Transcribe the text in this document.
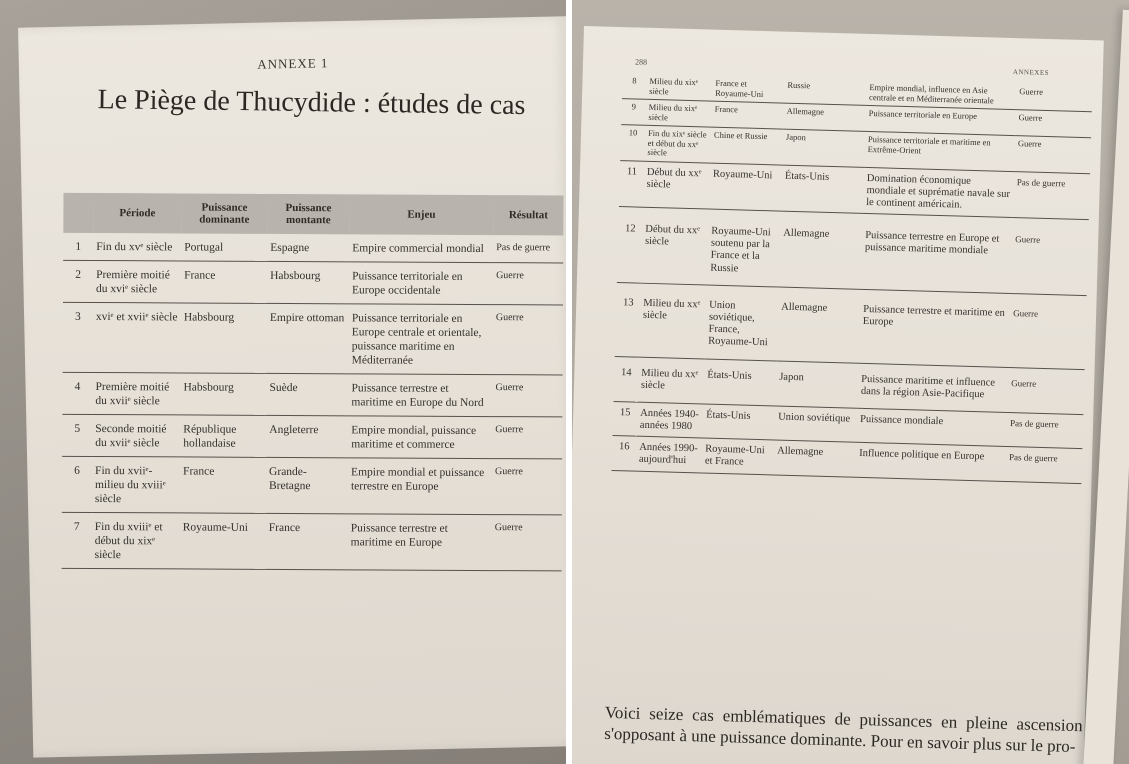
ANNEXE 1
Le Piège de Thucydide : études de cas
	Période	Puissance dominante	Puissance montante	Enjeu	Résultat
1	Fin du xvᵉ siècle	Portugal	Espagne	Empire commercial mondial	Pas de guerre
2	Première moitié du xviᵉ siècle	France	Habsbourg	Puissance territoriale en Europe occidentale	Guerre
3	xviᵉ et xviiᵉ siècle	Habsbourg	Empire ottoman	Puissance territoriale en Europe centrale et orientale, puissance maritime en Méditerranée	Guerre
4	Première moitié du xviiᵉ siècle	Habsbourg	Suède	Puissance terrestre et maritime en Europe du Nord	Guerre
5	Seconde moitié du xviiᵉ siècle	République hollandaise	Angleterre	Empire mondial, puissance maritime et commerce	Guerre
6	Fin du xviiᵉ-milieu du xviiiᵉ siècle	France	Grande-Bretagne	Empire mondial et puissance terrestre en Europe	Guerre
7	Fin du xviiiᵉ et début du xixᵉ siècle	Royaume-Uni	France	Puissance terrestre et maritime en Europe	Guerre
288
ANNEXES
8	Milieu du xixᵉ siècle	France et Royaume-Uni	Russie	Empire mondial, influence en Asie centrale et en Méditerranée orientale	Guerre
9	Milieu du xixᵉ siècle	France	Allemagne	Puissance territoriale en Europe	Guerre
10	Fin du xixᵉ siècle et début du xxᵉ siècle	Chine et Russie	Japon	Puissance territoriale et maritime en Extrême-Orient	Guerre
11	Début du xxᵉ siècle	Royaume-Uni	États-Unis	Domination économique mondiale et suprématie navale sur le continent américain.	Pas de guerre
12	Début du xxᵉ siècle	Royaume-Uni soutenu par la France et la Russie	Allemagne	Puissance terrestre en Europe et puissance maritime mondiale	Guerre
13	Milieu du xxᵉ siècle	Union soviétique, France, Royaume-Uni	Allemagne	Puissance terrestre et maritime en Europe	Guerre
14	Milieu du xxᵉ siècle	États-Unis	Japon	Puissance maritime et influence dans la région Asie-Pacifique	Guerre
15	Années 1940-années 1980	États-Unis	Union soviétique	Puissance mondiale	Pas de guerre
16	Années 1990-aujourd'hui	Royaume-Uni et France	Allemagne	Influence politique en Europe	Pas de guerre
Voici seize cas emblématiques de puissances en pleine ascension s'opposant à une puissance dominante. Pour en savoir plus sur le pro-
